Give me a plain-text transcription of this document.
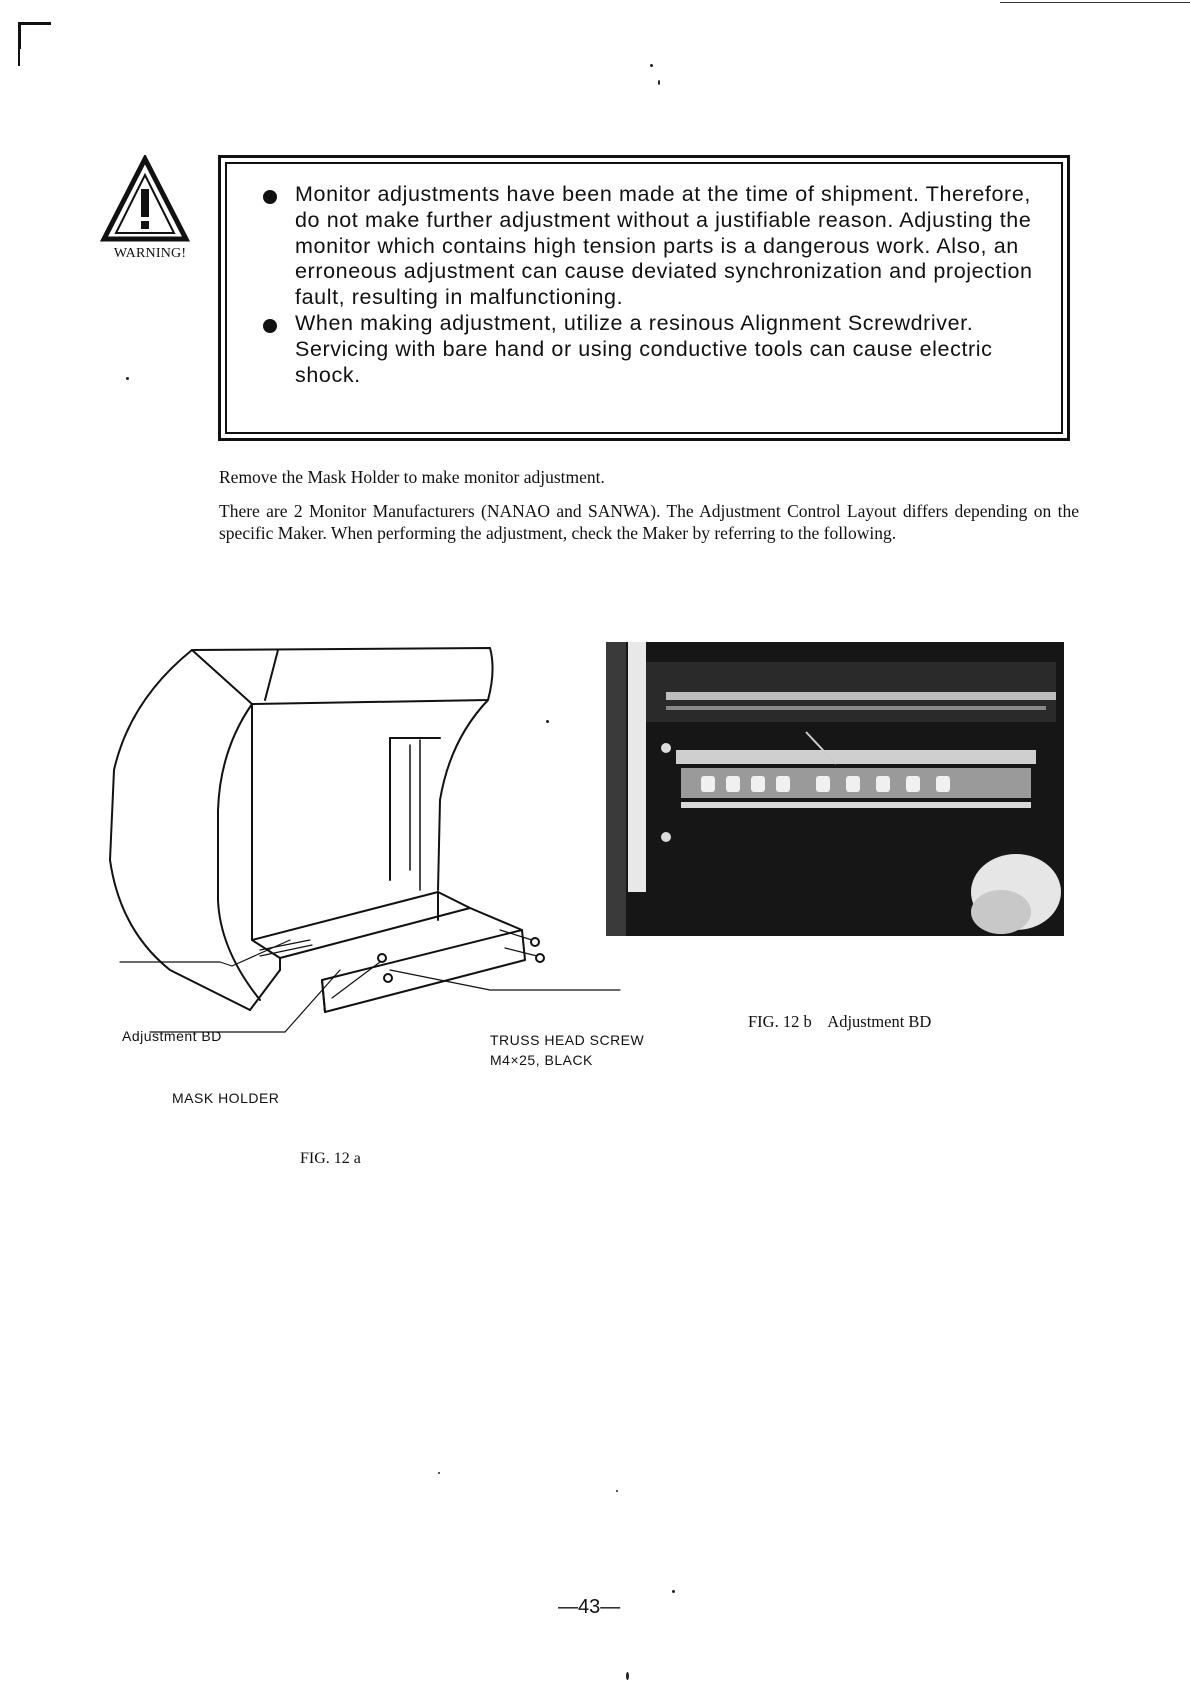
WARNING!
Monitor adjustments have been made at the time of shipment. Therefore, do not make further adjustment without a justifiable reason. Adjusting the monitor which contains high tension parts is a dangerous work. Also, an erroneous adjustment can cause deviated synchronization and projection fault, resulting in malfunctioning.
When making adjustment, utilize a resinous Alignment Screwdriver. Servicing with bare hand or using conductive tools can cause electric shock.
Remove the Mask Holder to make monitor adjustment.
There are 2 Monitor Manufacturers (NANAO and SANWA). The Adjustment Control Layout differs depending on the specific Maker. When performing the adjustment, check the Maker by referring to the following.
Adjustment BD	TRUSS HEAD SCREW
M4×25, BLACK
MASK HOLDER
FIG. 12 a
FIG. 12 b    Adjustment BD
—43—
